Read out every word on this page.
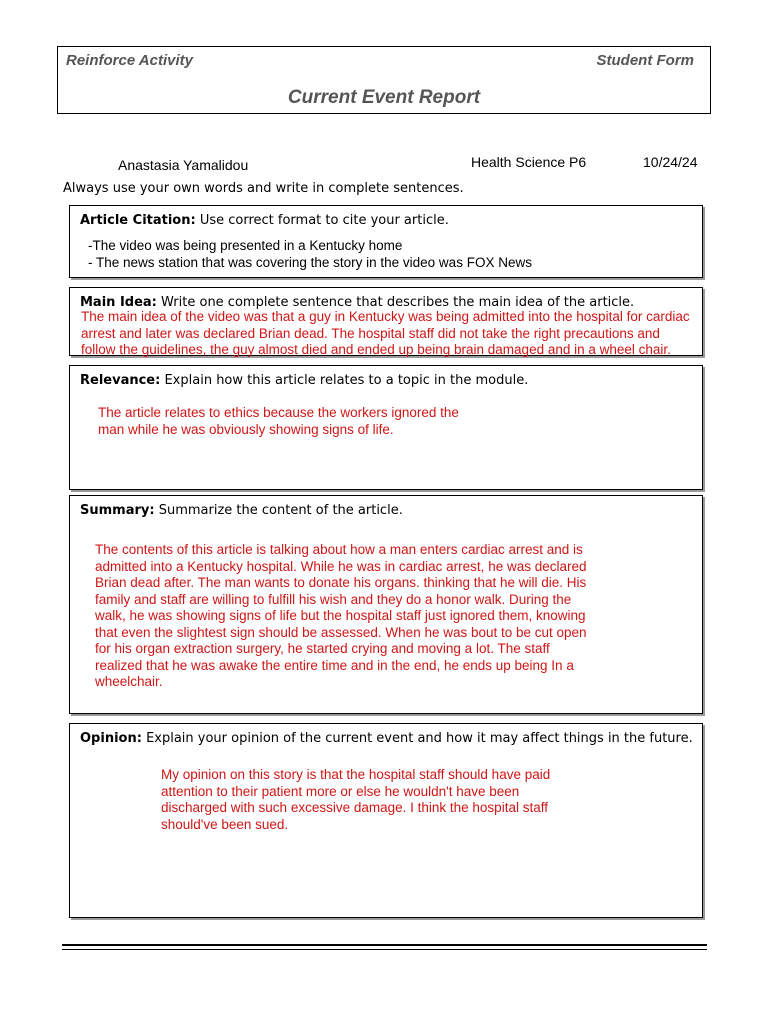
Reinforce Activity	Student Form
Current Event Report
Anastasia Yamalidou	Health Science P6	10/24/24
Always use your own words and write in complete sentences.
Article Citation: Use correct format to cite your article.

-The video was being presented in a Kentucky home

- The news station that was covering the story in the video was FOX News

Main Idea: Write one complete sentence that describes the main idea of the article.

The main idea of the video was that a guy in Kentucky was being admitted into the hospital for cardiac

arrest and later was declared Brian dead. The hospital staff did not take the right precautions and

follow the guidelines, the guy almost died and ended up being brain damaged and in a wheel chair.

Relevance: Explain how this article relates to a topic in the module.

The article relates to ethics because the workers ignored the

man while he was obviously showing signs of life.

Summary: Summarize the content of the article.

The contents of this article is talking about how a man enters cardiac arrest and is

admitted into a Kentucky hospital. While he was in cardiac arrest, he was declared

Brian dead after. The man wants to donate his organs. thinking that he will die. His

family and staff are willing to fulfill his wish and they do a honor walk. During the

walk, he was showing signs of life but the hospital staff just ignored them, knowing

that even the slightest sign should be assessed. When he was bout to be cut open

for his organ extraction surgery, he started crying and moving a lot. The staff

realized that he was awake the entire time and in the end, he ends up being In a

wheelchair.

Opinion: Explain your opinion of the current event and how it may affect things in the future.

My opinion on this story is that the hospital staff should have paid

attention to their patient more or else he wouldn't have been

discharged with such excessive damage. I think the hospital staff

should've been sued.
